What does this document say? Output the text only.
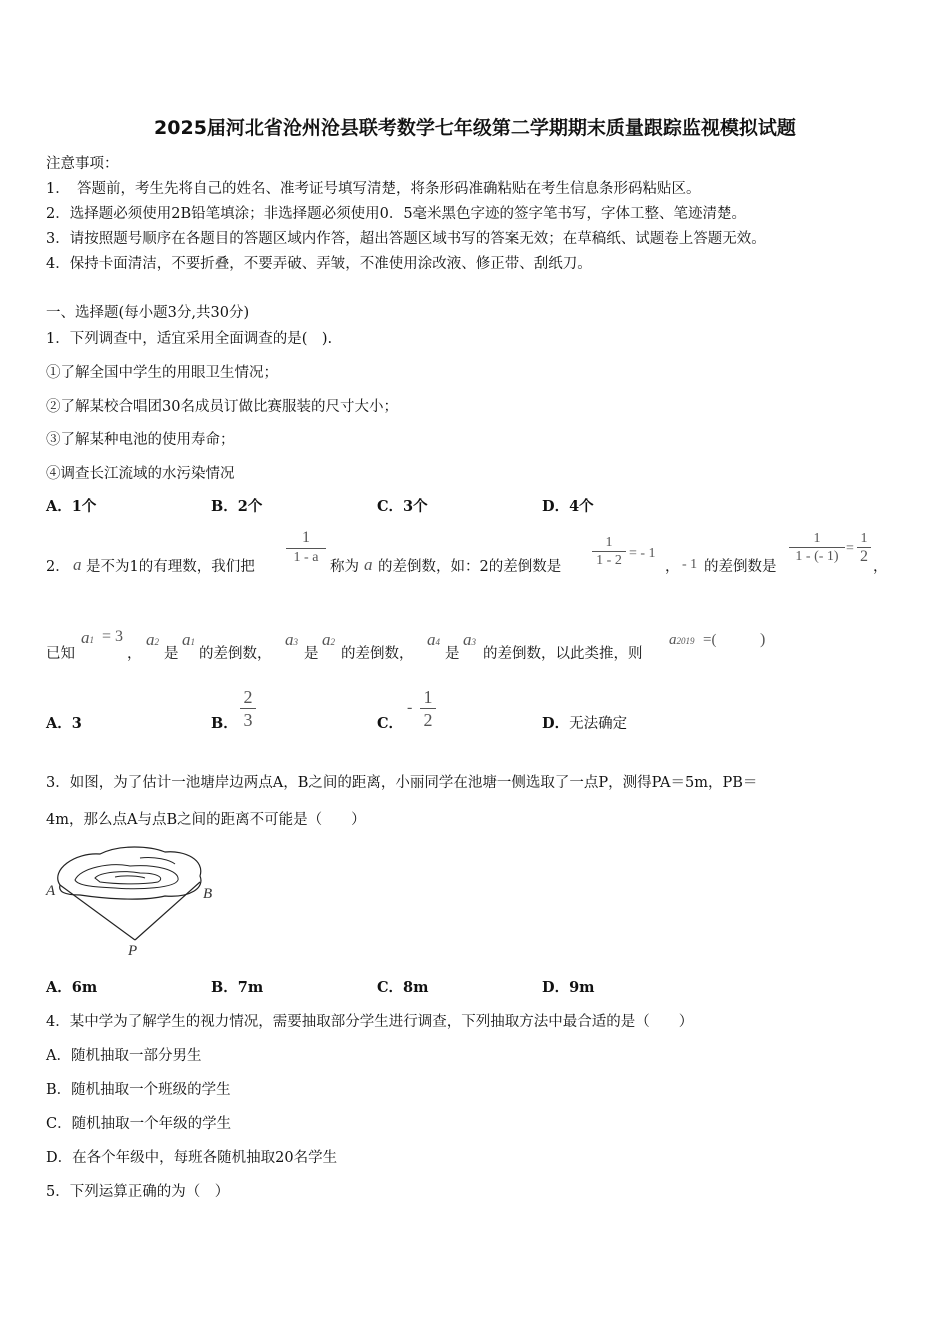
2025届河北省沧州沧县联考数学七年级第二学期期末质量跟踪监视模拟试题
注意事项：
1．　答题前，考生先将自己的姓名、准考证号填写清楚，将条形码准确粘贴在考生信息条形码粘贴区。
2．选择题必须使用2B铅笔填涂；非选择题必须使用0．5毫米黑色字迹的签字笔书写，字体工整、笔迹清楚。
3．请按照题号顺序在各题目的答题区域内作答，超出答题区域书写的答案无效；在草稿纸、试题卷上答题无效。
4．保持卡面清洁，不要折叠，不要弄破、弄皱，不准使用涂改液、修正带、刮纸刀。
一、选择题(每小题3分,共30分)
1．下列调查中，适宜采用全面调查的是(　).
①了解全国中学生的用眼卫生情况；
②了解某校合唱团30名成员订做比赛服装的尺寸大小；
③了解某种电池的使用寿命；
④调查长江流域的水污染情况
A．1个	B．2个	C．3个	D．4个
2． a 是不为1的有理数，我们把
1
1 - a
称为 a 的差倒数，如：2的差倒数是
1
1 - 2 = - 1
， - 1 的差倒数是
1
1 - (- 1)
=
1
2
，
已知
a1 = 3
，
a2
是
a1
的差倒数，
a3
是
a2
的差倒数，
a4
是
a3
的差倒数，以此类推，则
a2019 =(	)
A．3	B．
2
3	C．
-
1
2	D．无法确定
3．如图，为了估计一池塘岸边两点A，B之间的距离，小丽同学在池塘一侧选取了一点P，测得PA＝5m，PB＝
4m，那么点A与点B之间的距离不可能是（　　）
A	B
P
A．6m	B．7m	C．8m	D．9m
4．某中学为了解学生的视力情况，需要抽取部分学生进行调查，下列抽取方法中最合适的是（　　）
A．随机抽取一部分男生
B．随机抽取一个班级的学生
C．随机抽取一个年级的学生
D．在各个年级中，每班各随机抽取20名学生
5．下列运算正确的为（　）
